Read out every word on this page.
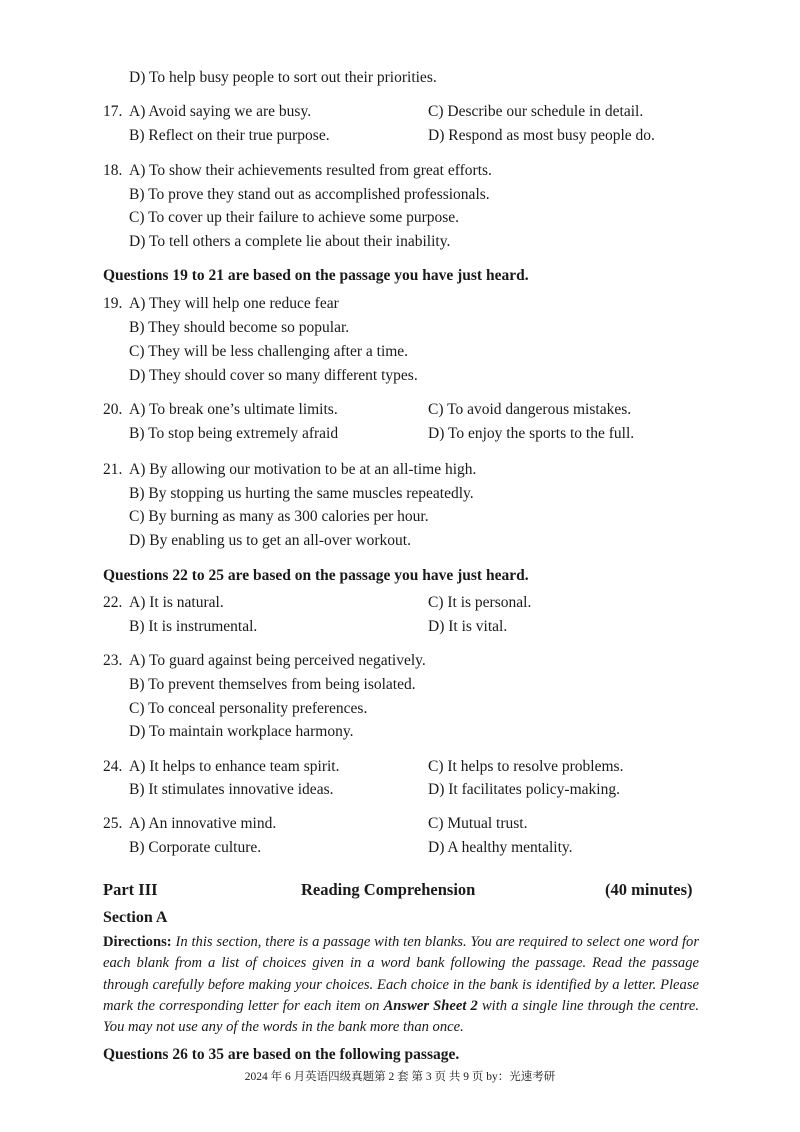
D) To help busy people to sort out their priorities.
17. A) Avoid saying we are busy.	C) Describe our schedule in detail.
B) Reflect on their true purpose.	D) Respond as most busy people do.
18. A) To show their achievements resulted from great efforts.
B) To prove they stand out as accomplished professionals.
C) To cover up their failure to achieve some purpose.
D) To tell others a complete lie about their inability.
Questions 19 to 21 are based on the passage you have just heard.
19. A) They will help one reduce fear
B) They should become so popular.
C) They will be less challenging after a time.
D) They should cover so many different types.
20. A) To break one’s ultimate limits.	C) To avoid dangerous mistakes.
B) To stop being extremely afraid	D) To enjoy the sports to the full.
21. A) By allowing our motivation to be at an all-time high.
B) By stopping us hurting the same muscles repeatedly.
C) By burning as many as 300 calories per hour.
D) By enabling us to get an all-over workout.
Questions 22 to 25 are based on the passage you have just heard.
22. A) It is natural.	C) It is personal.
B) It is instrumental.	D) It is vital.
23. A) To guard against being perceived negatively.
B) To prevent themselves from being isolated.
C) To conceal personality preferences.
D) To maintain workplace harmony.
24. A) It helps to enhance team spirit.	C) It helps to resolve problems.
B) It stimulates innovative ideas.	D) It facilitates policy-making.
25. A) An innovative mind.	C) Mutual trust.
B) Corporate culture.	D) A healthy mentality.
Part III	Reading Comprehension	(40 minutes)
Section A
Directions: In this section, there is a passage with ten blanks. You are required to select one word for each blank from a list of choices given in a word bank following the passage. Read the passage through carefully before making your choices. Each choice in the bank is identified by a letter. Please mark the corresponding letter for each item on Answer Sheet 2 with a single line through the centre. You may not use any of the words in the bank more than once.
Questions 26 to 35 are based on the following passage.
2024 年 6 月英语四级真题第 2 套 第 3 页 共 9 页 by：光速考研
